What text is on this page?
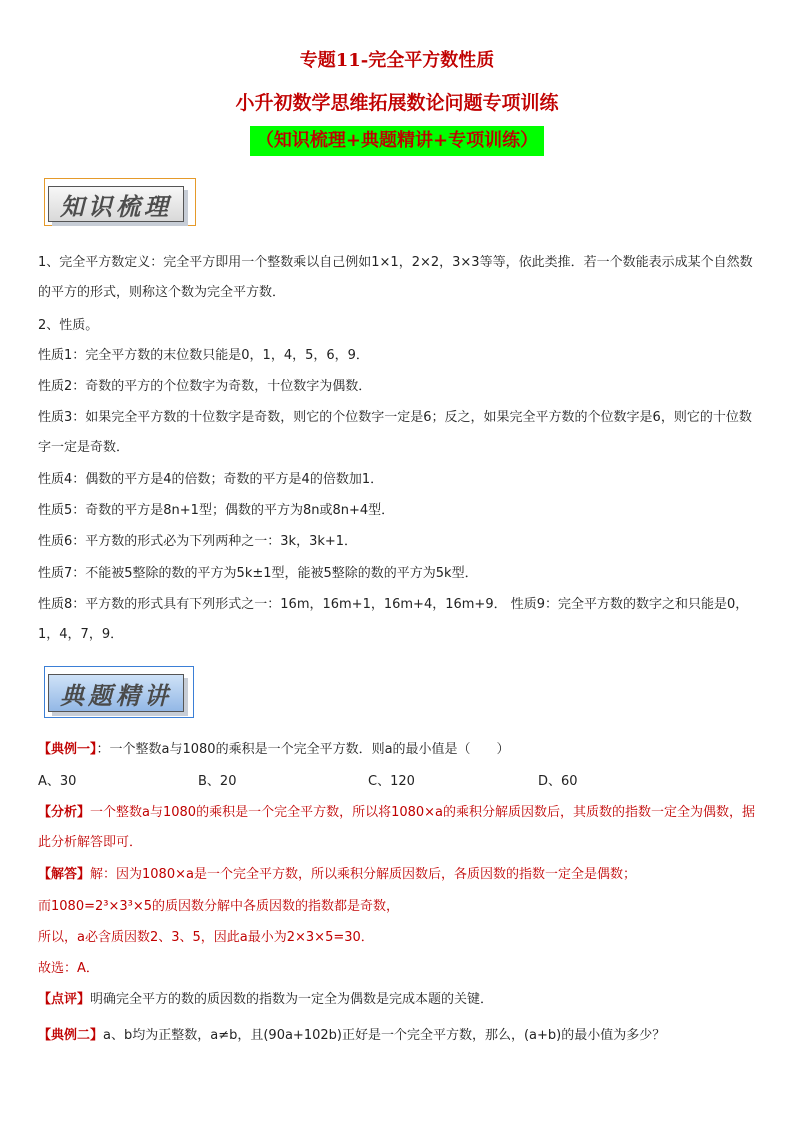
专题11-完全平方数性质
小升初数学思维拓展数论问题专项训练
（知识梳理+典题精讲+专项训练）
知识梳理
1、完全平方数定义：完全平方即用一个整数乘以自己例如1×1，2×2，3×3等等，依此类推．若一个数能表示成某个自然数的平方的形式，则称这个数为完全平方数．
2、性质。
性质1：完全平方数的末位数只能是0，1，4，5，6，9．
性质2：奇数的平方的个位数字为奇数，十位数字为偶数．
性质3：如果完全平方数的十位数字是奇数，则它的个位数字一定是6；反之，如果完全平方数的个位数字是6，则它的十位数字一定是奇数．
性质4：偶数的平方是4的倍数；奇数的平方是4的倍数加1．
性质5：奇数的平方是8n+1型；偶数的平方为8n或8n+4型．
性质6：平方数的形式必为下列两种之一：3k，3k+1．
性质7：不能被5整除的数的平方为5k±1型，能被5整除的数的平方为5k型．
性质8：平方数的形式具有下列形式之一：16m，16m+1，16m+4，16m+9． 性质9：完全平方数的数字之和只能是0，1，4，7，9．
典题精讲
【典例一】：一个整数a与1080的乘积是一个完全平方数．则a的最小值是（　　）
A、30	B、20	C、120	D、60
【分析】一个整数a与1080的乘积是一个完全平方数，所以将1080×a的乘积分解质因数后，其质数的指数一定全为偶数，据此分析解答即可．
【解答】解：因为1080×a是一个完全平方数，所以乘积分解质因数后，各质因数的指数一定全是偶数；
而1080=2³×3³×5的质因数分解中各质因数的指数都是奇数，
所以，a必含质因数2、3、5，因此a最小为2×3×5=30．
故选：A．
【点评】明确完全平方的数的质因数的指数为一定全为偶数是完成本题的关键．
【典例二】a、b均为正整数，a≠b，且(90a+102b)正好是一个完全平方数，那么，(a+b)的最小值为多少？
